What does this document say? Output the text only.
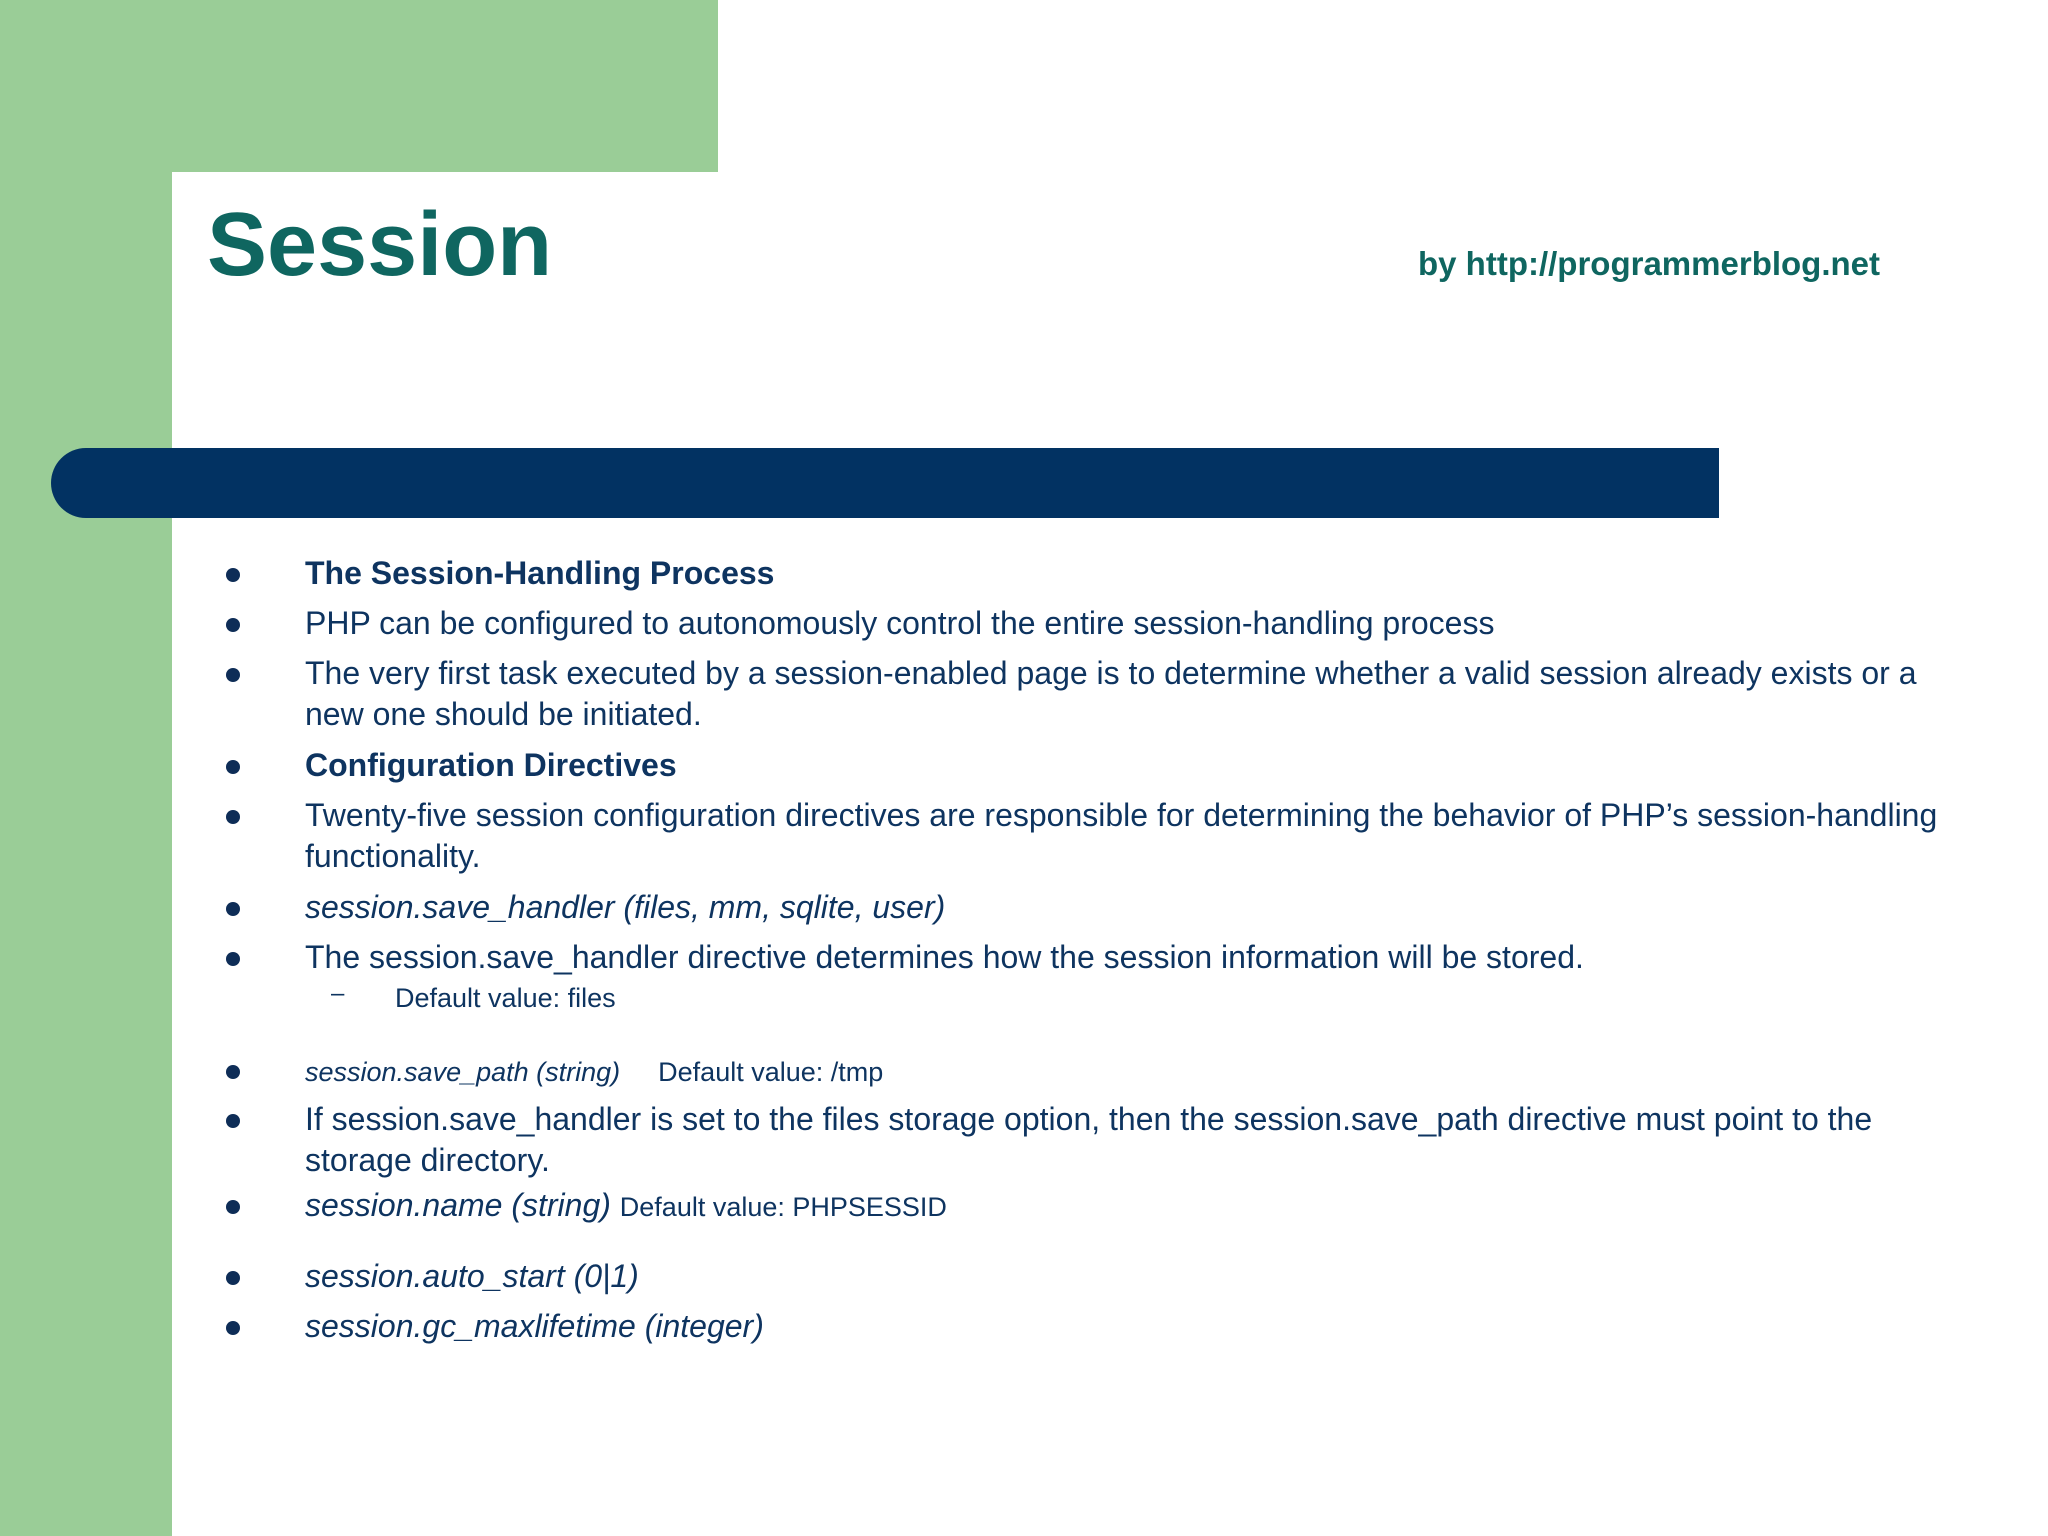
Session	by http://programmerblog.net
The Session-Handling Process
PHP can be configured to autonomously control the entire session-handling process
The very first task executed by a session-enabled page is to determine whether a valid session already exists or a new one should be initiated.
Configuration Directives
Twenty-five session configuration directives are responsible for determining the behavior of PHP’s session-handling functionality.
session.save_handler (files, mm, sqlite, user)
The session.save_handler directive determines how the session information will be stored.
– Default value: files
session.save_path (string) Default value: /tmp
If session.save_handler is set to the files storage option, then the session.save_path directive must point to the storage directory.
session.name (string) Default value: PHPSESSID
session.auto_start (0|1)
session.gc_maxlifetime (integer)
